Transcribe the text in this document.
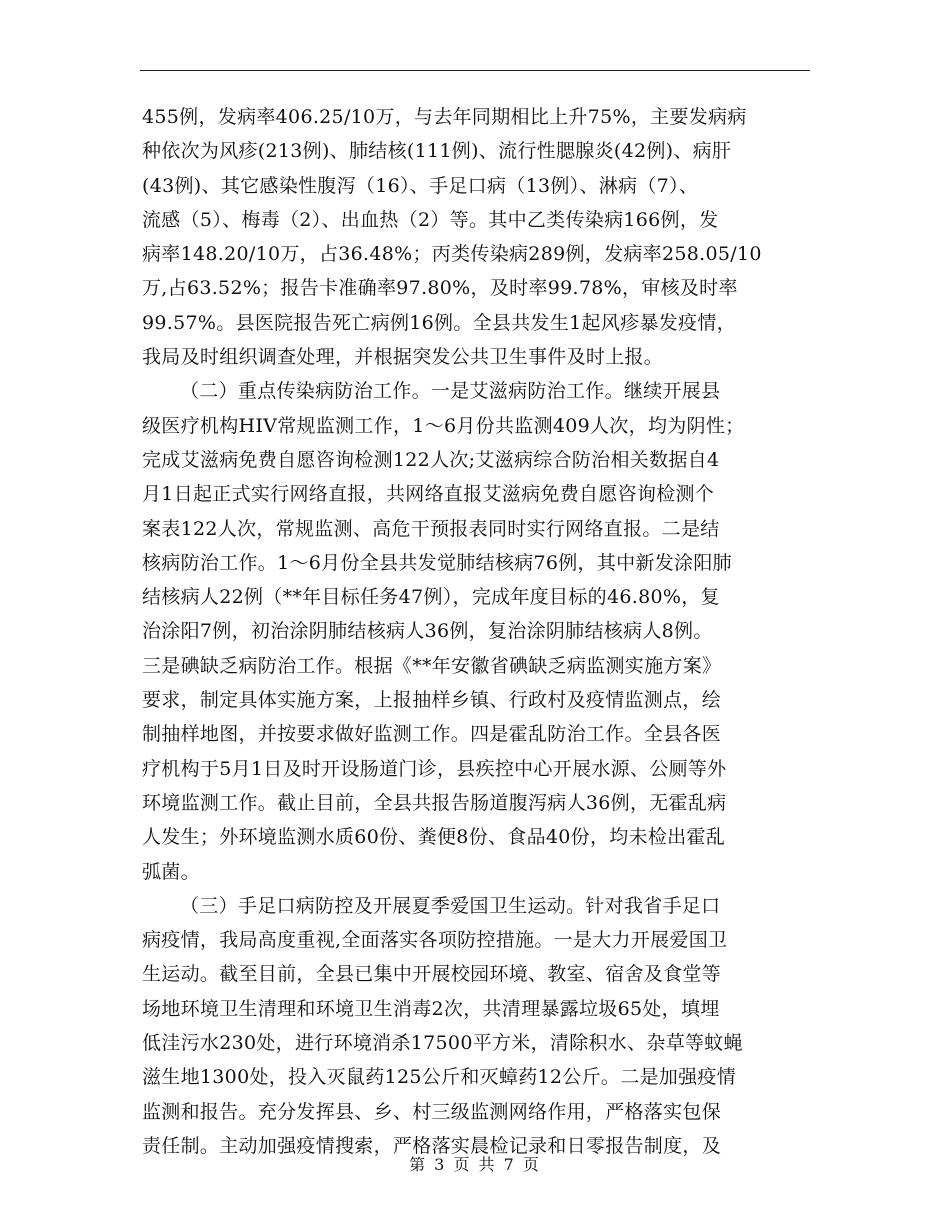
455例，发病率406.25/10万，与去年同期相比上升75%，主要发病病
种依次为风疹(213例)、肺结核(111例)、流行性腮腺炎(42例)、病肝
(43例)、其它感染性腹泻（16）、手足口病（13例）、淋病（7）、
流感（5）、梅毒（2）、出血热（2）等。其中乙类传染病166例，发
病率148.20/10万，占36.48%；丙类传染病289例，发病率258.05/10
万,占63.52%；报告卡准确率97.80%，及时率99.78%，审核及时率
99.57%。县医院报告死亡病例16例。全县共发生1起风疹暴发疫情，
我局及时组织调查处理，并根据突发公共卫生事件及时上报。
（二）重点传染病防治工作。一是艾滋病防治工作。继续开展县
级医疗机构HIV常规监测工作，1～6月份共监测409人次，均为阴性；
完成艾滋病免费自愿咨询检测122人次;艾滋病综合防治相关数据自4
月1日起正式实行网络直报，共网络直报艾滋病免费自愿咨询检测个
案表122人次，常规监测、高危干预报表同时实行网络直报。二是结
核病防治工作。1～6月份全县共发觉肺结核病76例，其中新发涂阳肺
结核病人22例（**年目标任务47例），完成年度目标的46.80%，复
治涂阳7例，初治涂阴肺结核病人36例，复治涂阴肺结核病人8例。
三是碘缺乏病防治工作。根据《**年安徽省碘缺乏病监测实施方案》
要求，制定具体实施方案，上报抽样乡镇、行政村及疫情监测点，绘
制抽样地图，并按要求做好监测工作。四是霍乱防治工作。全县各医
疗机构于5月1日及时开设肠道门诊，县疾控中心开展水源、公厕等外
环境监测工作。截止目前，全县共报告肠道腹泻病人36例，无霍乱病
人发生；外环境监测水质60份、粪便8份、食品40份，均未检出霍乱
弧菌。
（三）手足口病防控及开展夏季爱国卫生运动。针对我省手足口
病疫情，我局高度重视,全面落实各项防控措施。一是大力开展爱国卫
生运动。截至目前，全县已集中开展校园环境、教室、宿舍及食堂等
场地环境卫生清理和环境卫生消毒2次，共清理暴露垃圾65处，填埋
低洼污水230处，进行环境消杀17500平方米，清除积水、杂草等蚊蝇
滋生地1300处，投入灭鼠药125公斤和灭蟑药12公斤。二是加强疫情
监测和报告。充分发挥县、乡、村三级监测网络作用，严格落实包保
责任制。主动加强疫情搜索，严格落实晨检记录和日零报告制度，及
第 3 页 共 7 页
